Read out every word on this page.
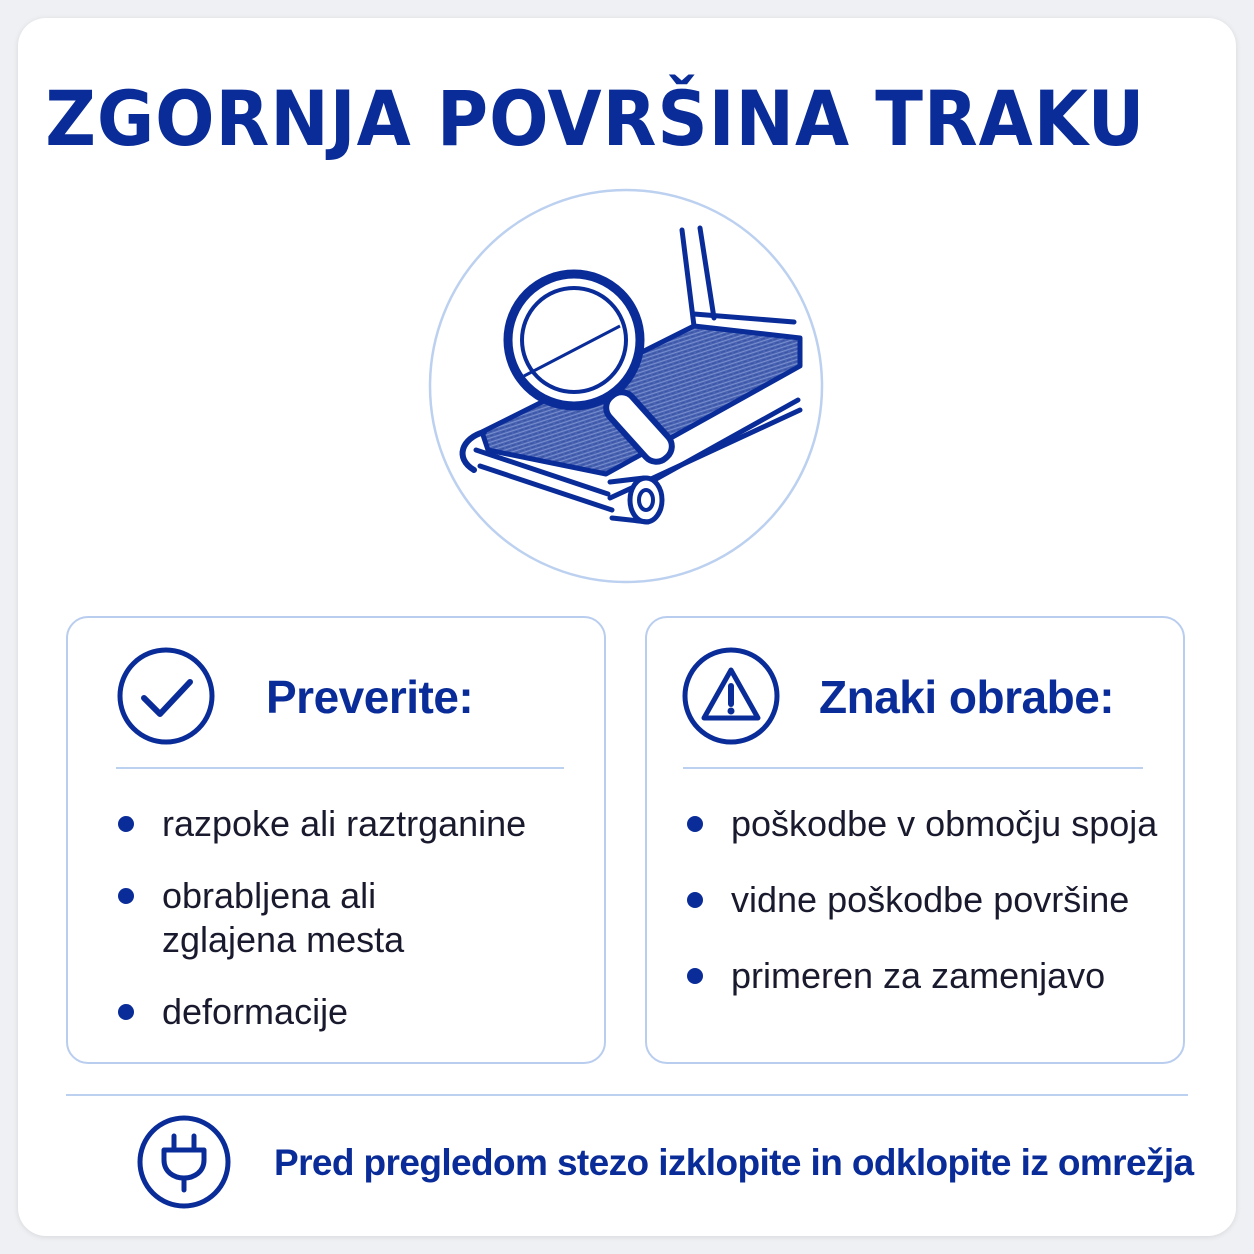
ZGORNJA POVRŠINA TRAKU
Preverite:
razpoke ali raztrganine
obrabljena ali
zglajena mesta
deformacije
Znaki obrabe:
poškodbe v območju spoja
vidne poškodbe površine
primeren za zamenjavo
Pred pregledom stezo izklopite in odklopite iz omrežja
